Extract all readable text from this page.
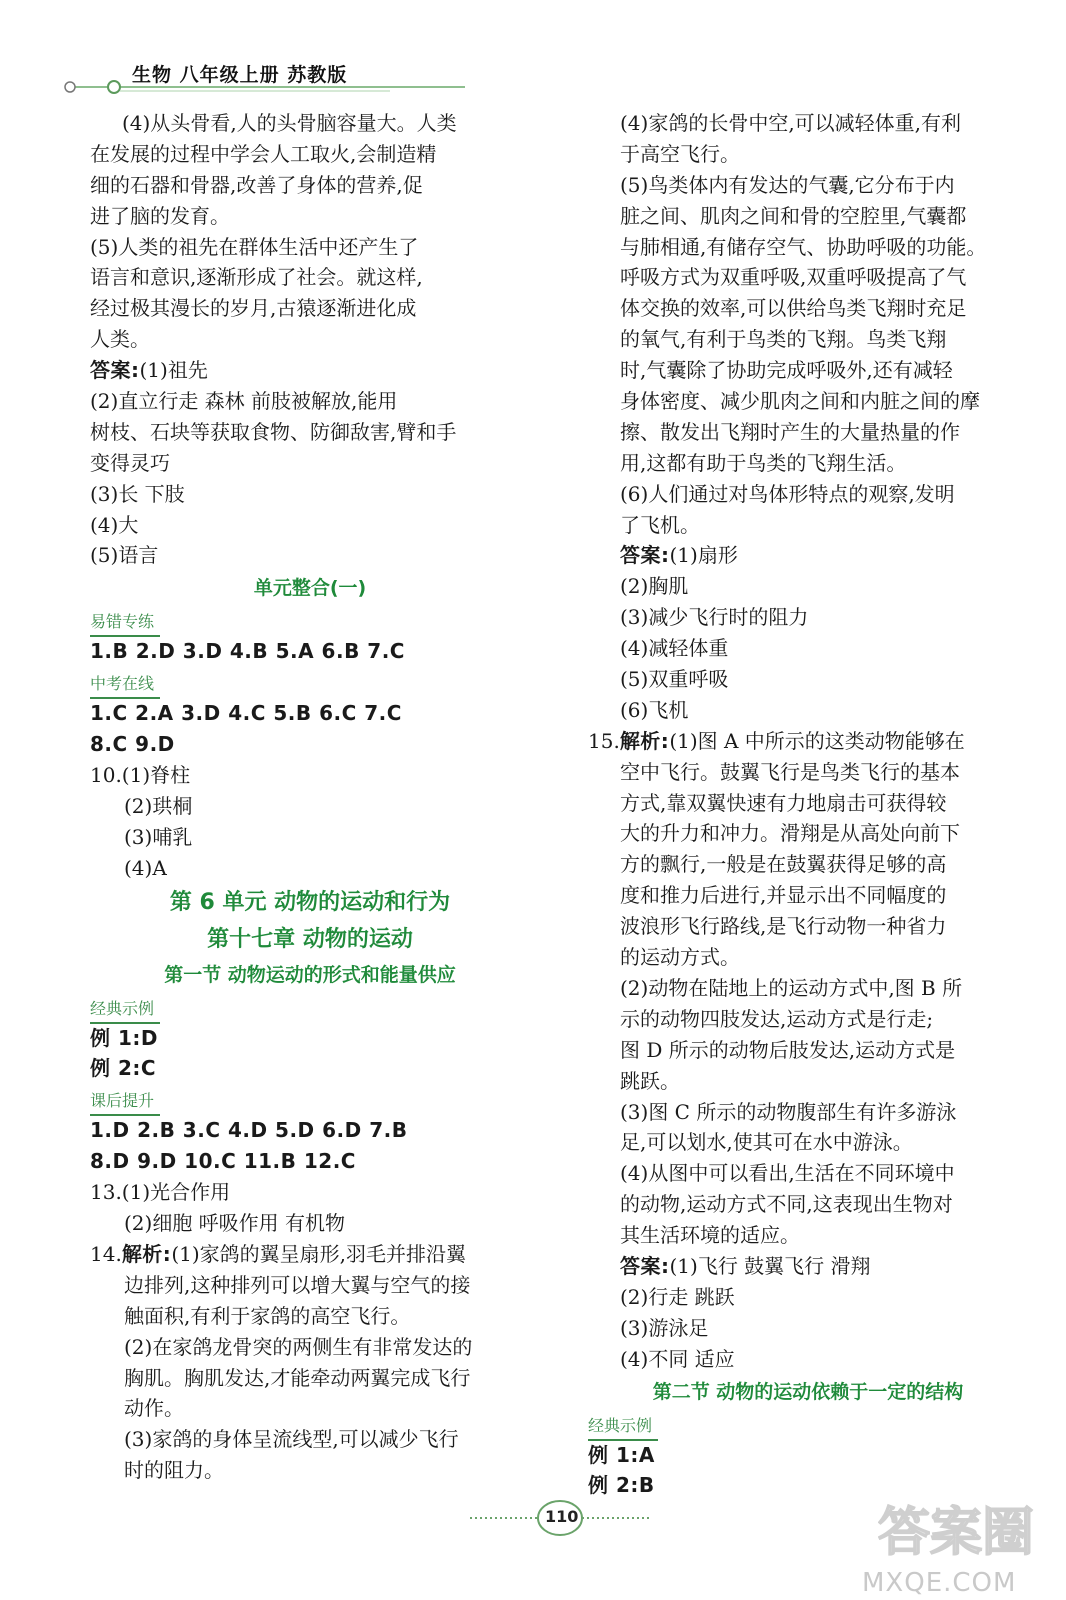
生物 八年级上册 苏教版
(4)从头骨看,人的头骨脑容量大。人类
在发展的过程中学会人工取火,会制造精
细的石器和骨器,改善了身体的营养,促
进了脑的发育。
(5)人类的祖先在群体生活中还产生了
语言和意识,逐渐形成了社会。就这样,
经过极其漫长的岁月,古猿逐渐进化成
人类。
答案:(1)祖先
(2)直立行走 森林 前肢被解放,能用
树枝、石块等获取食物、防御敌害,臂和手
变得灵巧
(3)长 下肢
(4)大
(5)语言
单元整合(一)
易错专练
1.B 2.D 3.D 4.B 5.A 6.B 7.C
中考在线
1.C 2.A 3.D 4.C 5.B 6.C 7.C
8.C 9.D
10.(1)脊柱
(2)珙桐
(3)哺乳
(4)A
第 6 单元 动物的运动和行为
第十七章 动物的运动
第一节 动物运动的形式和能量供应
经典示例
例 1:D
例 2:C
课后提升
1.D 2.B 3.C 4.D 5.D 6.D 7.B
8.D 9.D 10.C 11.B 12.C
13.(1)光合作用
(2)细胞 呼吸作用 有机物
14.解析:(1)家鸽的翼呈扇形,羽毛并排沿翼
边排列,这种排列可以增大翼与空气的接
触面积,有利于家鸽的高空飞行。
(2)在家鸽龙骨突的两侧生有非常发达的
胸肌。胸肌发达,才能牵动两翼完成飞行
动作。
(3)家鸽的身体呈流线型,可以减少飞行
时的阻力。
(4)家鸽的长骨中空,可以减轻体重,有利
于高空飞行。
(5)鸟类体内有发达的气囊,它分布于内
脏之间、肌肉之间和骨的空腔里,气囊都
与肺相通,有储存空气、协助呼吸的功能。
呼吸方式为双重呼吸,双重呼吸提高了气
体交换的效率,可以供给鸟类飞翔时充足
的氧气,有利于鸟类的飞翔。鸟类飞翔
时,气囊除了协助完成呼吸外,还有减轻
身体密度、减少肌肉之间和内脏之间的摩
擦、散发出飞翔时产生的大量热量的作
用,这都有助于鸟类的飞翔生活。
(6)人们通过对鸟体形特点的观察,发明
了飞机。
答案:(1)扇形
(2)胸肌
(3)减少飞行时的阻力
(4)减轻体重
(5)双重呼吸
(6)飞机
15.解析:(1)图 A 中所示的这类动物能够在
空中飞行。鼓翼飞行是鸟类飞行的基本
方式,靠双翼快速有力地扇击可获得较
大的升力和冲力。滑翔是从高处向前下
方的飘行,一般是在鼓翼获得足够的高
度和推力后进行,并显示出不同幅度的
波浪形飞行路线,是飞行动物一种省力
的运动方式。
(2)动物在陆地上的运动方式中,图 B 所
示的动物四肢发达,运动方式是行走;
图 D 所示的动物后肢发达,运动方式是
跳跃。
(3)图 C 所示的动物腹部生有许多游泳
足,可以划水,使其可在水中游泳。
(4)从图中可以看出,生活在不同环境中
的动物,运动方式不同,这表现出生物对
其生活环境的适应。
答案:(1)飞行 鼓翼飞行 滑翔
(2)行走 跳跃
(3)游泳足
(4)不同 适应
第二节 动物的运动依赖于一定的结构
经典示例
例 1:A
例 2:B
110	答案圈
MXQE.COM
